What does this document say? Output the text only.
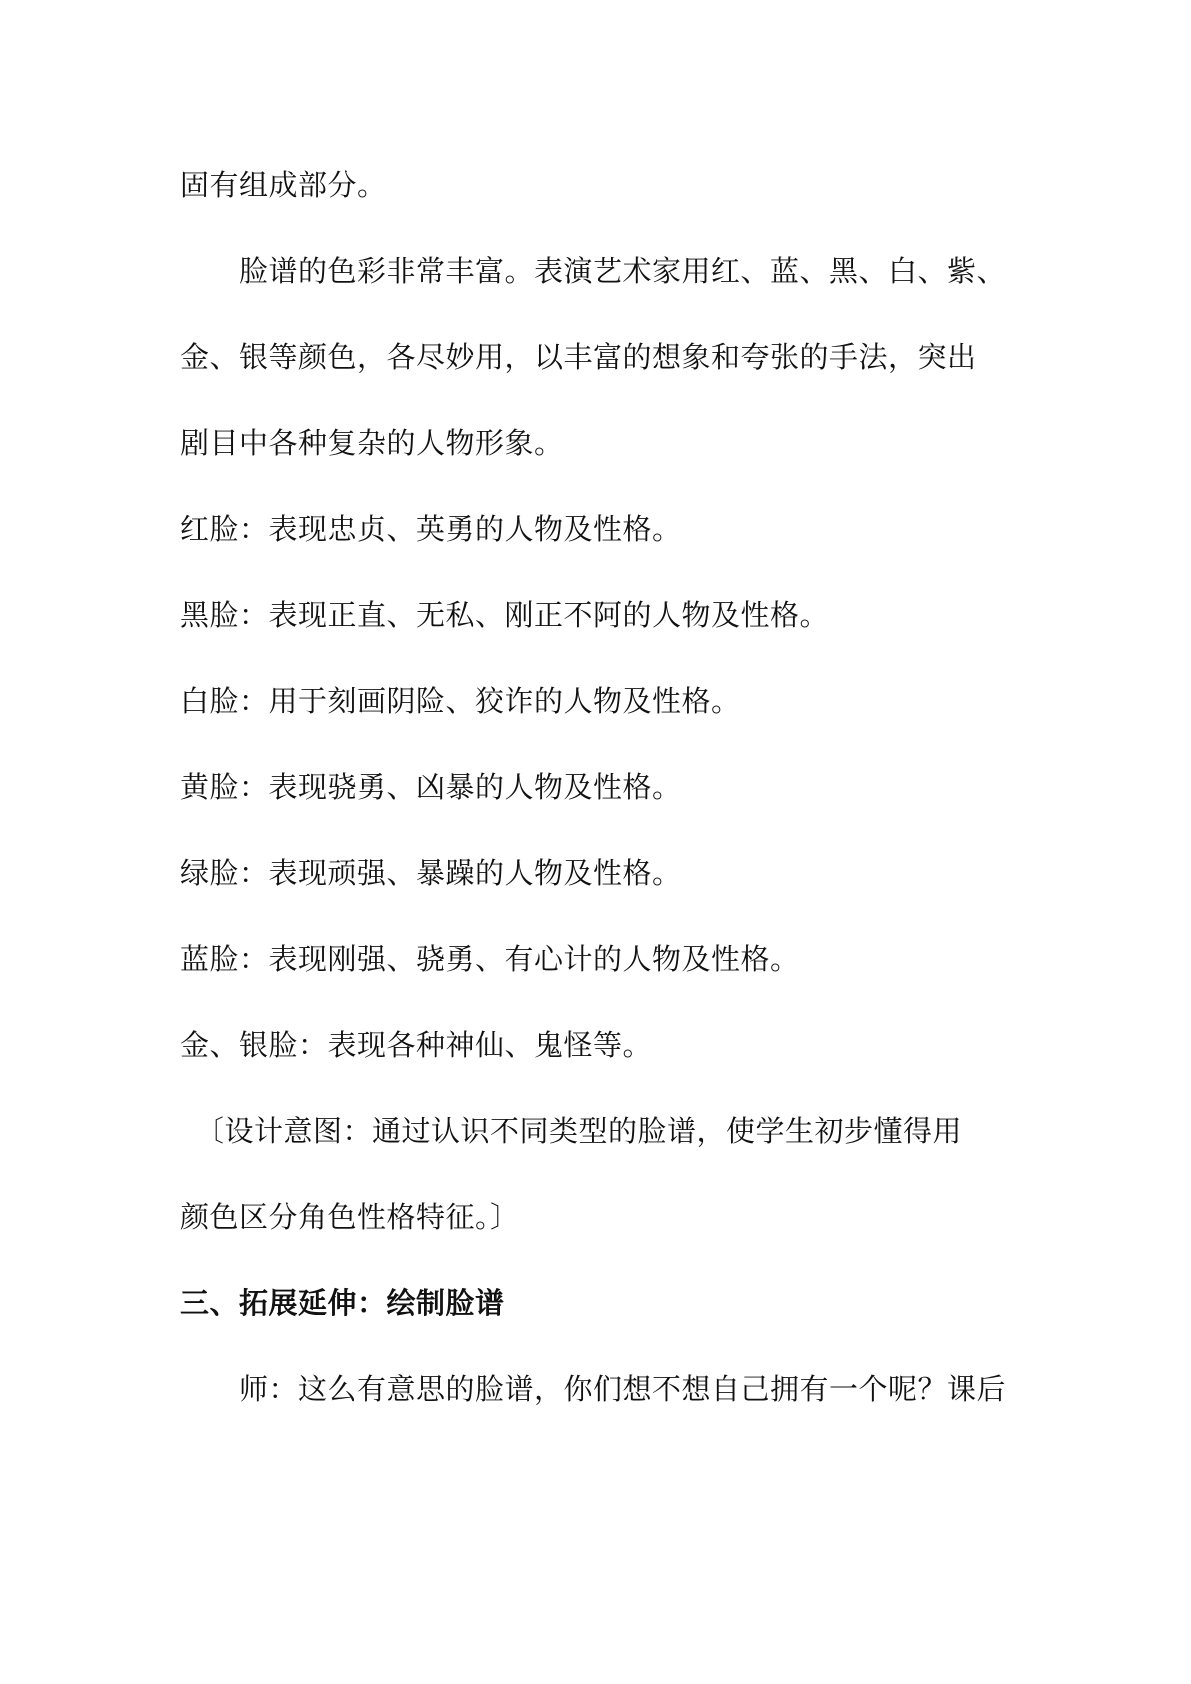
固有组成部分。
　　脸谱的色彩非常丰富。表演艺术家用红、蓝、黑、白、紫、
金、银等颜色，各尽妙用，以丰富的想象和夸张的手法，突出
剧目中各种复杂的人物形象。
红脸：表现忠贞、英勇的人物及性格。
黑脸：表现正直、无私、刚正不阿的人物及性格。
白脸：用于刻画阴险、狡诈的人物及性格。
黄脸：表现骁勇、凶暴的人物及性格。
绿脸：表现顽强、暴躁的人物及性格。
蓝脸：表现刚强、骁勇、有心计的人物及性格。
金、银脸：表现各种神仙、鬼怪等。
　〔设计意图：通过认识不同类型的脸谱，使学生初步懂得用
颜色区分角色性格特征。〕
三、拓展延伸：绘制脸谱
　　师：这么有意思的脸谱，你们想不想自己拥有一个呢？课后
